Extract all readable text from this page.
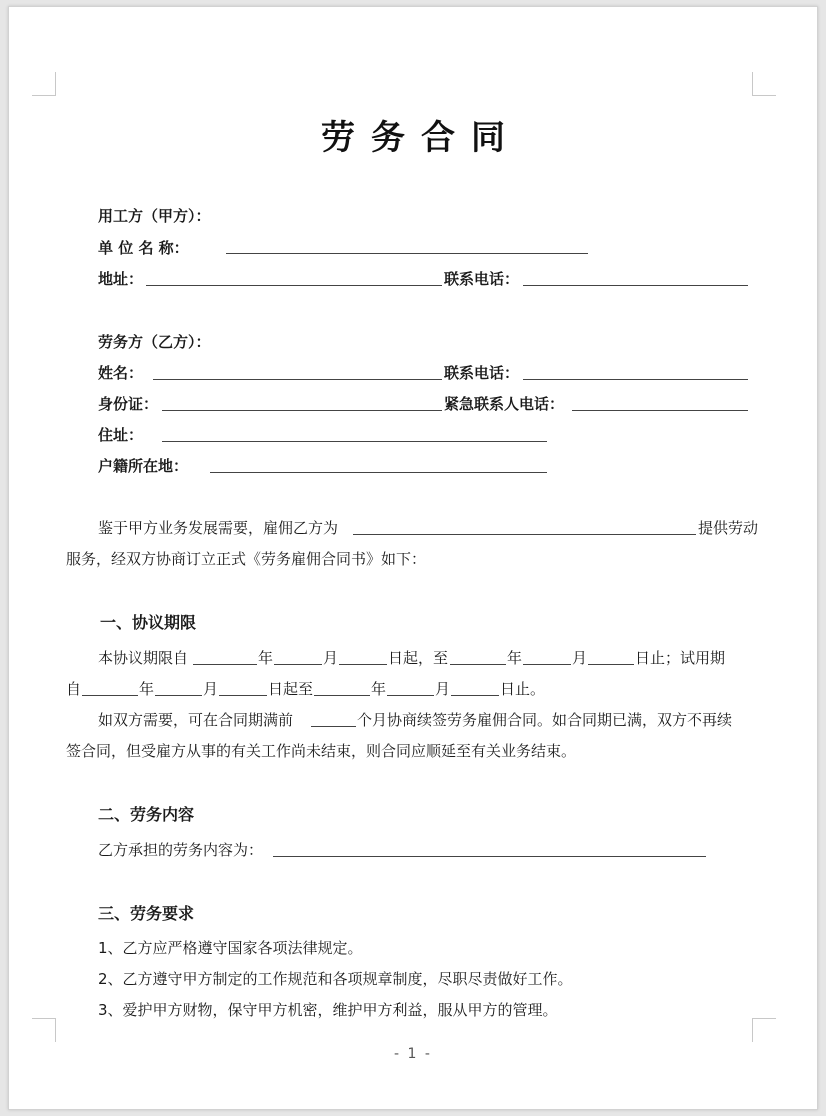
劳务合同
用工方（甲方）：
单 位 名 称：
地址：	联系电话：
劳务方（乙方）：
姓名：	联系电话：
身份证：	紧急联系人电话：
住址：
户籍所在地：
鉴于甲方业务发展需要，雇佣乙方为	提供劳动
服务，经双方协商订立正式《劳务雇佣合同书》如下：
一、协议期限
本协议期限自	年	月	日起，至	年	月	日止；试用期
自	年	月	日起至	年	月	日止。
如双方需要，可在合同期满前	个月协商续签劳务雇佣合同。如合同期已满，双方不再续
签合同，但受雇方从事的有关工作尚未结束，则合同应顺延至有关业务结束。
二、劳务内容
乙方承担的劳务内容为：
三、劳务要求
1、乙方应严格遵守国家各项法律规定。
2、乙方遵守甲方制定的工作规范和各项规章制度，尽职尽责做好工作。
3、爱护甲方财物，保守甲方机密，维护甲方利益，服从甲方的管理。
- 1 -
